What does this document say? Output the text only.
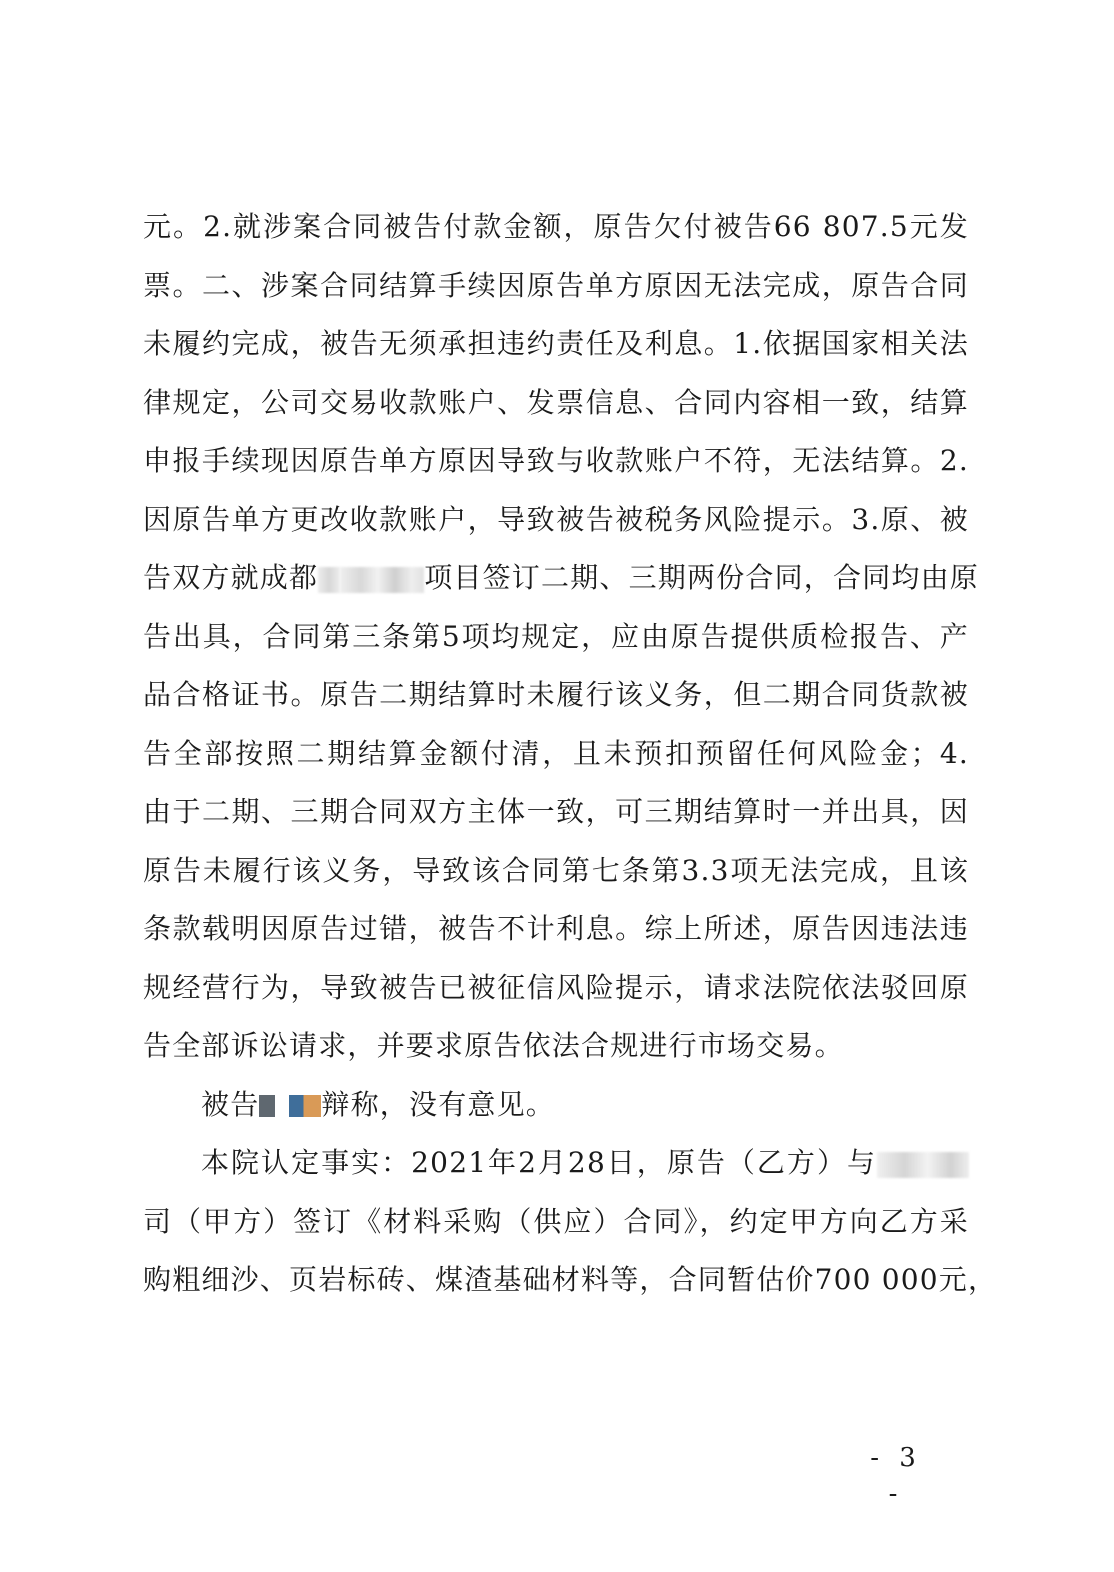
元。2.就涉案合同被告付款金额，原告欠付被告66 807.5元发
票。二、涉案合同结算手续因原告单方原因无法完成，原告合同
未履约完成，被告无须承担违约责任及利息。1.依据国家相关法
律规定，公司交易收款账户、发票信息、合同内容相一致，结算
申报手续现因原告单方原因导致与收款账户不符，无法结算。2.
因原告单方更改收款账户，导致被告被税务风险提示。3.原、被
告双方就成都	项目签订二期、三期两份合同，合同均由原
告出具，合同第三条第5项均规定，应由原告提供质检报告、产
品合格证书。原告二期结算时未履行该义务，但二期合同货款被
告全部按照二期结算金额付清，且未预扣预留任何风险金；4.
由于二期、三期合同双方主体一致，可三期结算时一并出具，因
原告未履行该义务，导致该合同第七条第3.3项无法完成，且该
条款载明因原告过错，被告不计利息。综上所述，原告因违法违
规经营行为，导致被告已被征信风险提示，请求法院依法驳回原
告全部诉讼请求，并要求原告依法合规进行市场交易。
被告 辩称，没有意见。
本院认定事实：2021年2月28日，原告（乙方）与
司（甲方）签订《材料采购（供应）合同》，约定甲方向乙方采
购粗细沙、页岩标砖、煤渣基础材料等，合同暂估价700 000元，
- 3 -
